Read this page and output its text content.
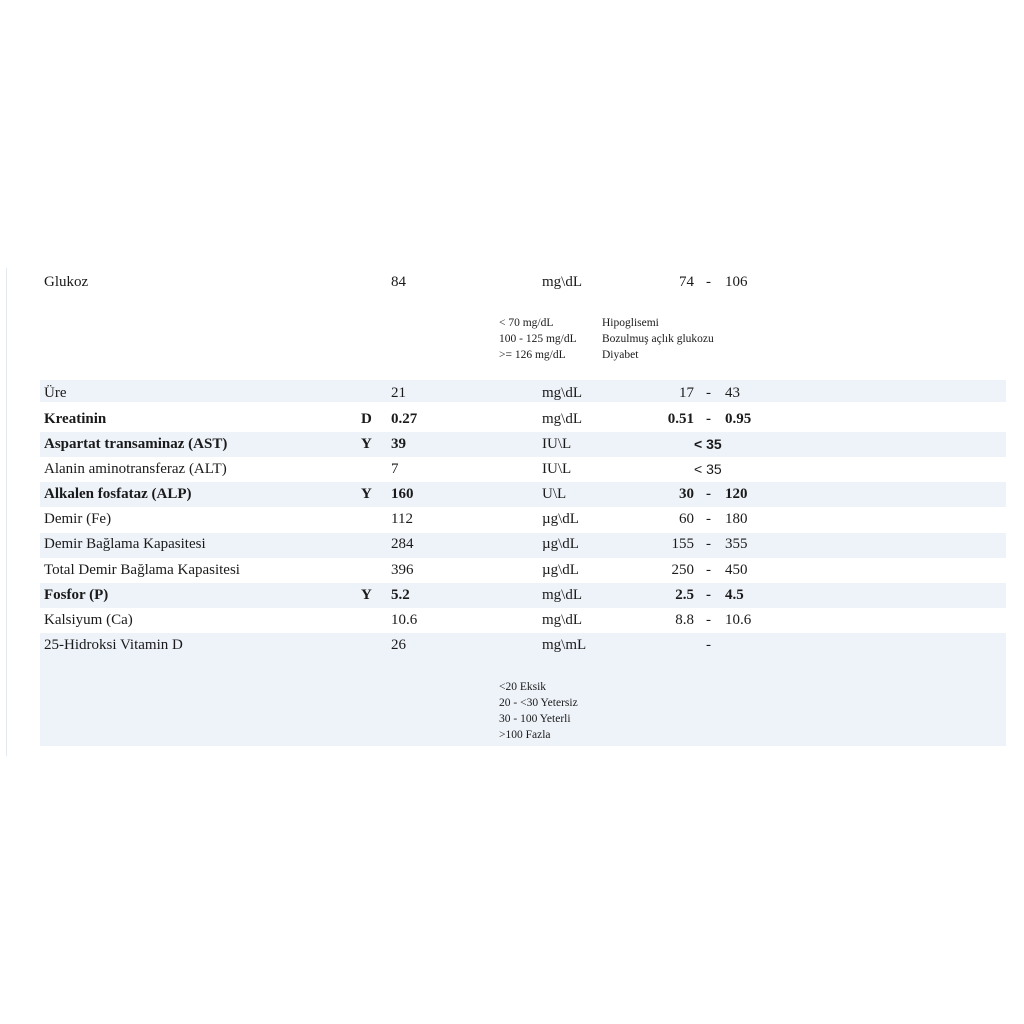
Glukoz	84	mg\dL	74 - 106
< 70 mg/dL	Hipoglisemi
100 - 125 mg/dL Bozulmuş açlık glukozu
>= 126 mg/dL	Diyabet
Üre	21	mg\dL	17 - 43
Kreatinin	D 0.27	mg\dL	0.51 - 0.95
Aspartat transaminaz (AST)	Y 39	IU\L	< 35
Alanin aminotransferaz (ALT)	7	IU\L	< 35
Alkalen fosfataz (ALP)	Y 160	U\L	30 - 120
Demir (Fe)	112	µg\dL	60 - 180
Demir Bağlama Kapasitesi	284	µg\dL	155 - 355
Total Demir Bağlama Kapasitesi	396	µg\dL	250 - 450
Fosfor (P)	Y 5.2	mg\dL	2.5 - 4.5
Kalsiyum (Ca)	10.6	mg\dL	8.8 - 10.6
25-Hidroksi Vitamin D	26	mg\mL	-
<20 Eksik
20 - <30 Yetersiz
30 - 100 Yeterli
>100 Fazla
